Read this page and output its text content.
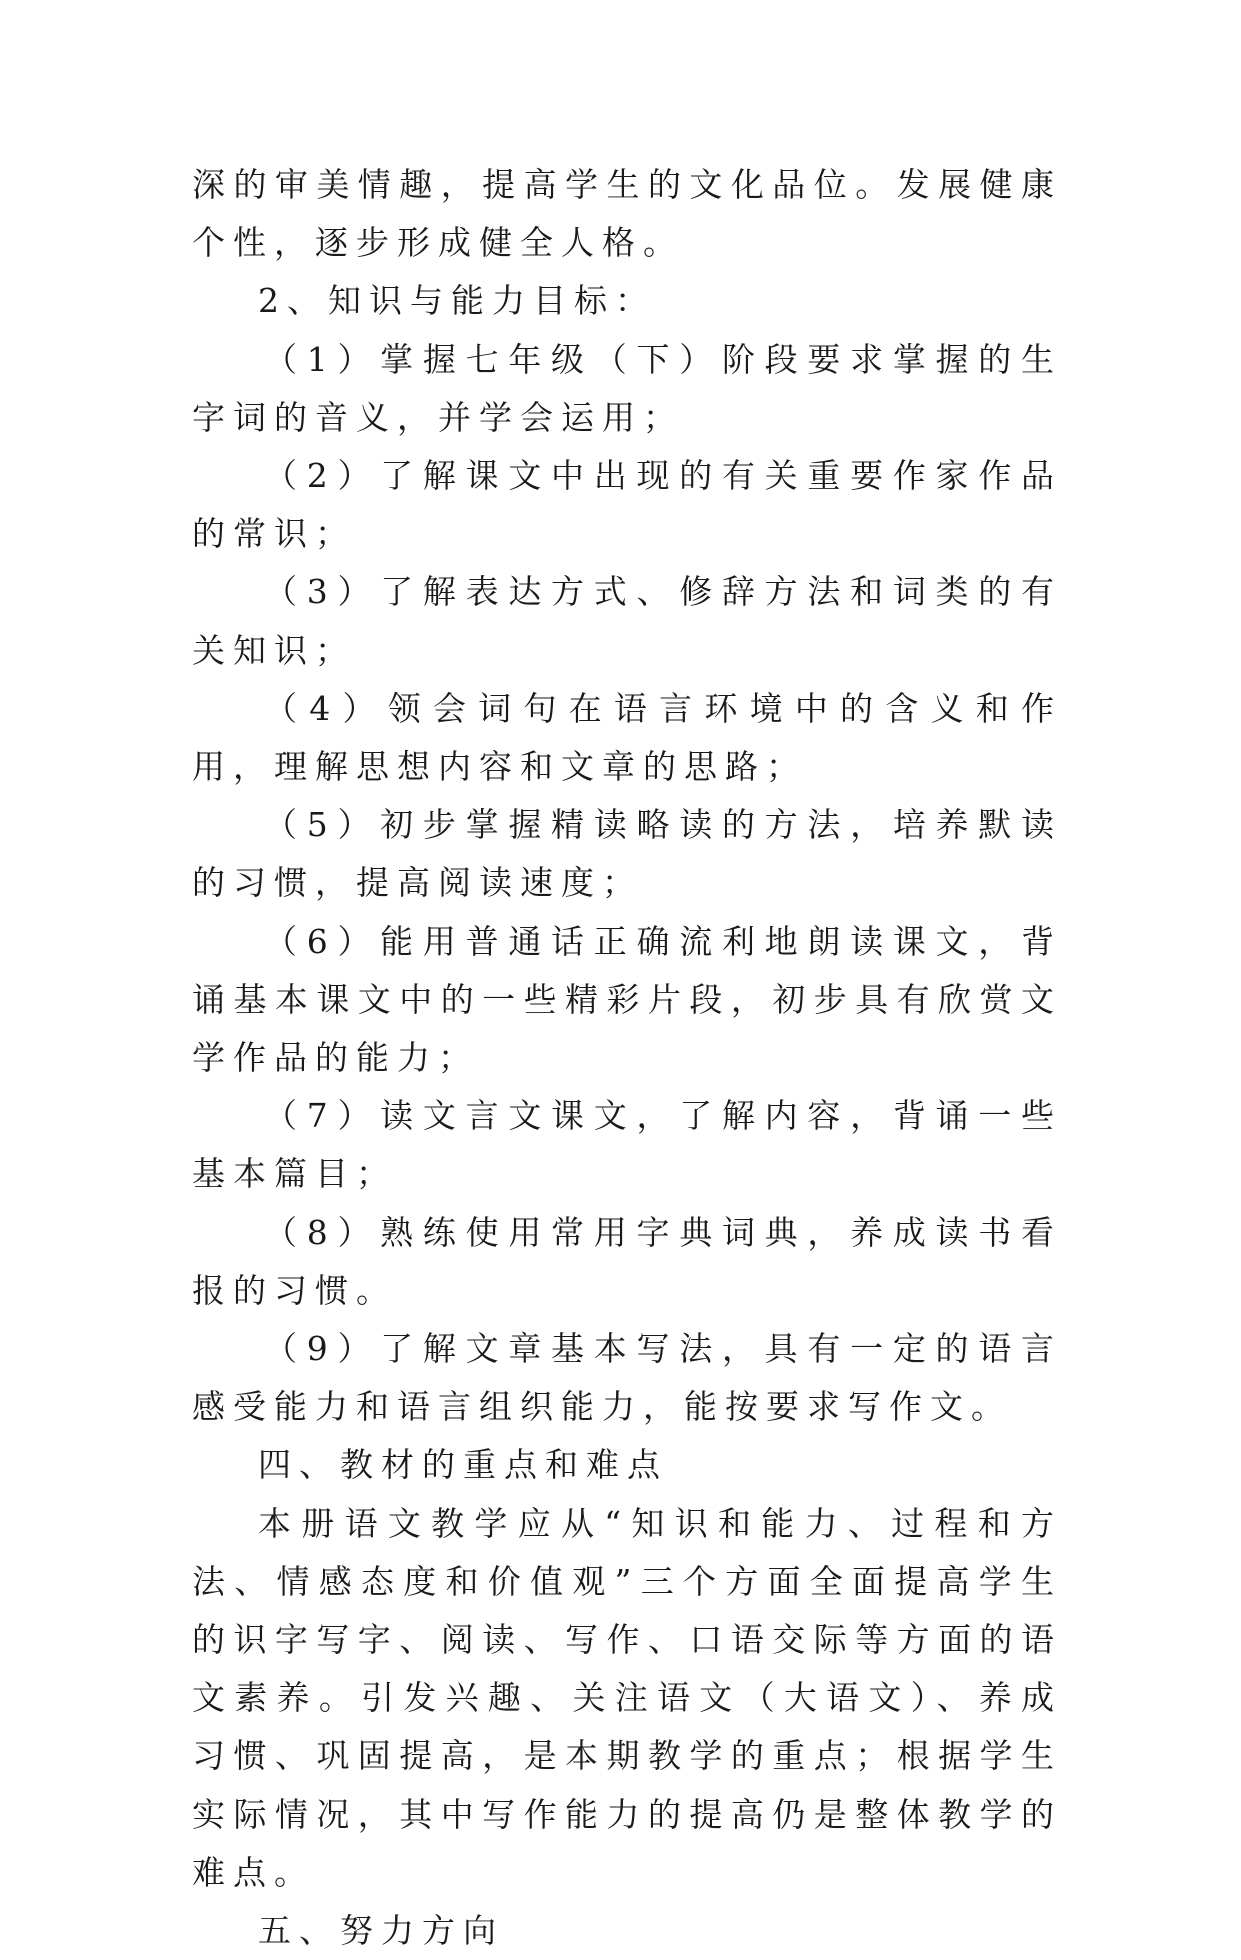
深的审美情趣，提高学生的文化品位。发展健康个性，逐步形成健全人格。

2、知识与能力目标：

（1）掌握七年级（下）阶段要求掌握的生字词的音义，并学会运用；

（2）了解课文中出现的有关重要作家作品的常识；

（3）了解表达方式、修辞方法和词类的有关知识；

（4）领会词句在语言环境中的含义和作用，理解思想内容和文章的思路；

（5）初步掌握精读略读的方法，培养默读的习惯，提高阅读速度；

（6）能用普通话正确流利地朗读课文，背诵基本课文中的一些精彩片段，初步具有欣赏文学作品的能力；

（7）读文言文课文，了解内容，背诵一些基本篇目；

（8）熟练使用常用字典词典，养成读书看报的习惯。

（9）了解文章基本写法，具有一定的语言感受能力和语言组织能力，能按要求写作文。

四、教材的重点和难点

本册语文教学应从“知识和能力、过程和方法、情感态度和价值观”三个方面全面提高学生的识字写字、阅读、写作、口语交际等方面的语文素养。引发兴趣、关注语文（大语文）、养成习惯、巩固提高，是本期教学的重点；根据学生实际情况，其中写作能力的提高仍是整体教学的难点。

五、努力方向
